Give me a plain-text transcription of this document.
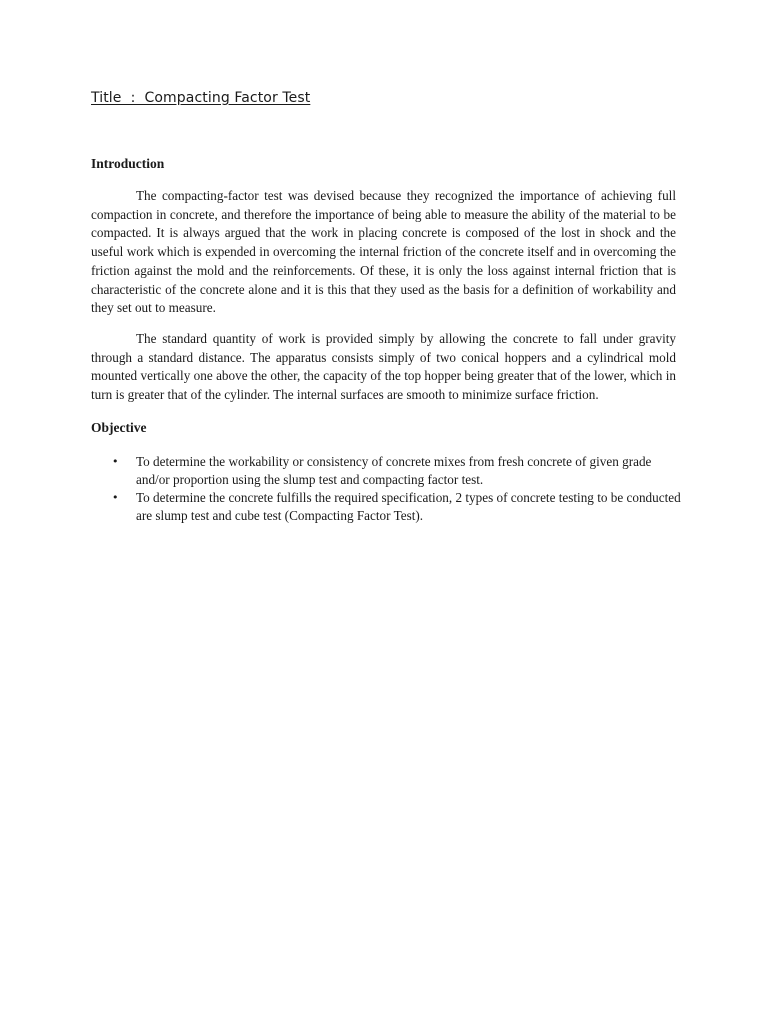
Title  :  Compacting Factor Test
Introduction

The compacting-factor test was devised because they recognized the importance of achieving full compaction in concrete, and therefore the importance of being able to measure the ability of the material to be compacted. It is always argued that the work in placing concrete is composed of the lost in shock and the useful work which is expended in overcoming the internal friction of the concrete itself and in overcoming the friction against the mold and the reinforcements. Of these, it is only the loss against internal friction that is characteristic of the concrete alone and it is this that they used as the basis for a definition of workability and they set out to measure.

The standard quantity of work is provided simply by allowing the concrete to fall under gravity through a standard distance. The apparatus consists simply of two conical hoppers and a cylindrical mold mounted vertically one above the other, the capacity of the top hopper being greater that of the lower, which in turn is greater that of the cylinder. The internal surfaces are smooth to minimize surface friction.

Objective
• To determine the workability or consistency of concrete mixes from fresh concrete of given grade and/or proportion using the slump test and compacting factor test.
• To determine the concrete fulfills the required specification, 2 types of concrete testing to be conducted are slump test and cube test (Compacting Factor Test).
